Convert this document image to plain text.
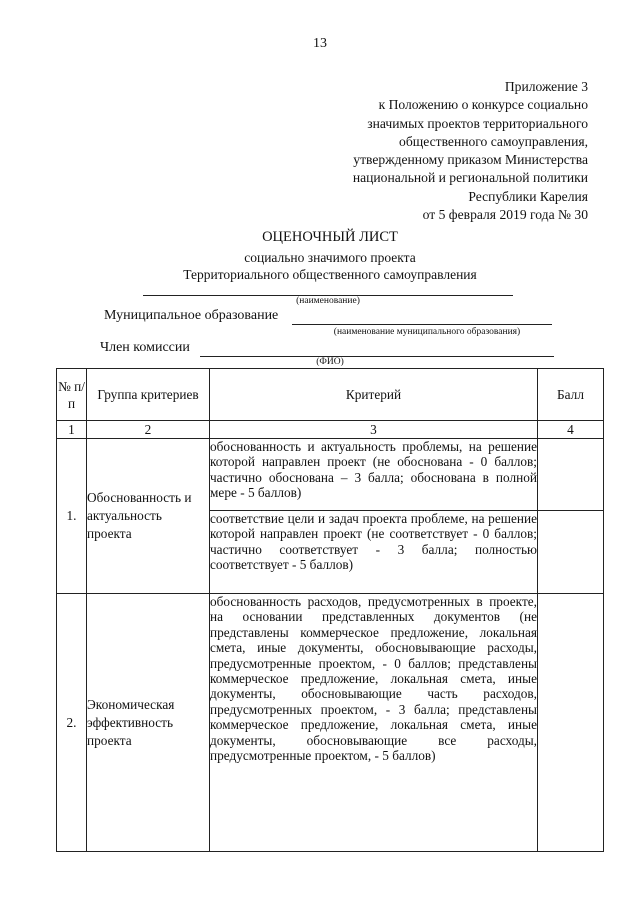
13
Приложение 3
к Положению о конкурсе социально
значимых проектов территориального
общественного самоуправления,
утвержденному приказом Министерства
национальной и региональной политики
Республики Карелия
от 5 февраля 2019 года № 30
ОЦЕНОЧНЫЙ ЛИСТ
социально значимого проекта
Территориального общественного самоуправления
(наименование)
Муниципальное образование
(наименование муниципального образования)
Член комиссии
(ФИО)
№ п/п	Группа критериев	Критерий	Балл
1	2	3	4
1.	Обоснованность и актуальность проекта	обоснованность и актуальность проблемы, на решение которой направлен проект (не обоснована - 0 баллов; частично обоснована – 3 балла; обоснована в полной мере - 5 баллов)	
		соответствие цели и задач проекта проблеме, на решение которой направлен проект (не соответствует - 0 баллов; частично соответствует - 3 балла; полностью соответствует - 5 баллов)	
2.	Экономическая эффективность проекта	обоснованность расходов, предусмотренных в проекте, на основании представленных документов (не представлены коммерческое предложение, локальная смета, иные документы, обосновывающие расходы, предусмотренные проектом, - 0 баллов; представлены коммерческое предложение, локальная смета, иные документы, обосновывающие часть расходов, предусмотренных проектом, - 3 балла; представлены коммерческое предложение, локальная смета, иные документы, обосновывающие все расходы, предусмотренные проектом, - 5 баллов)	
